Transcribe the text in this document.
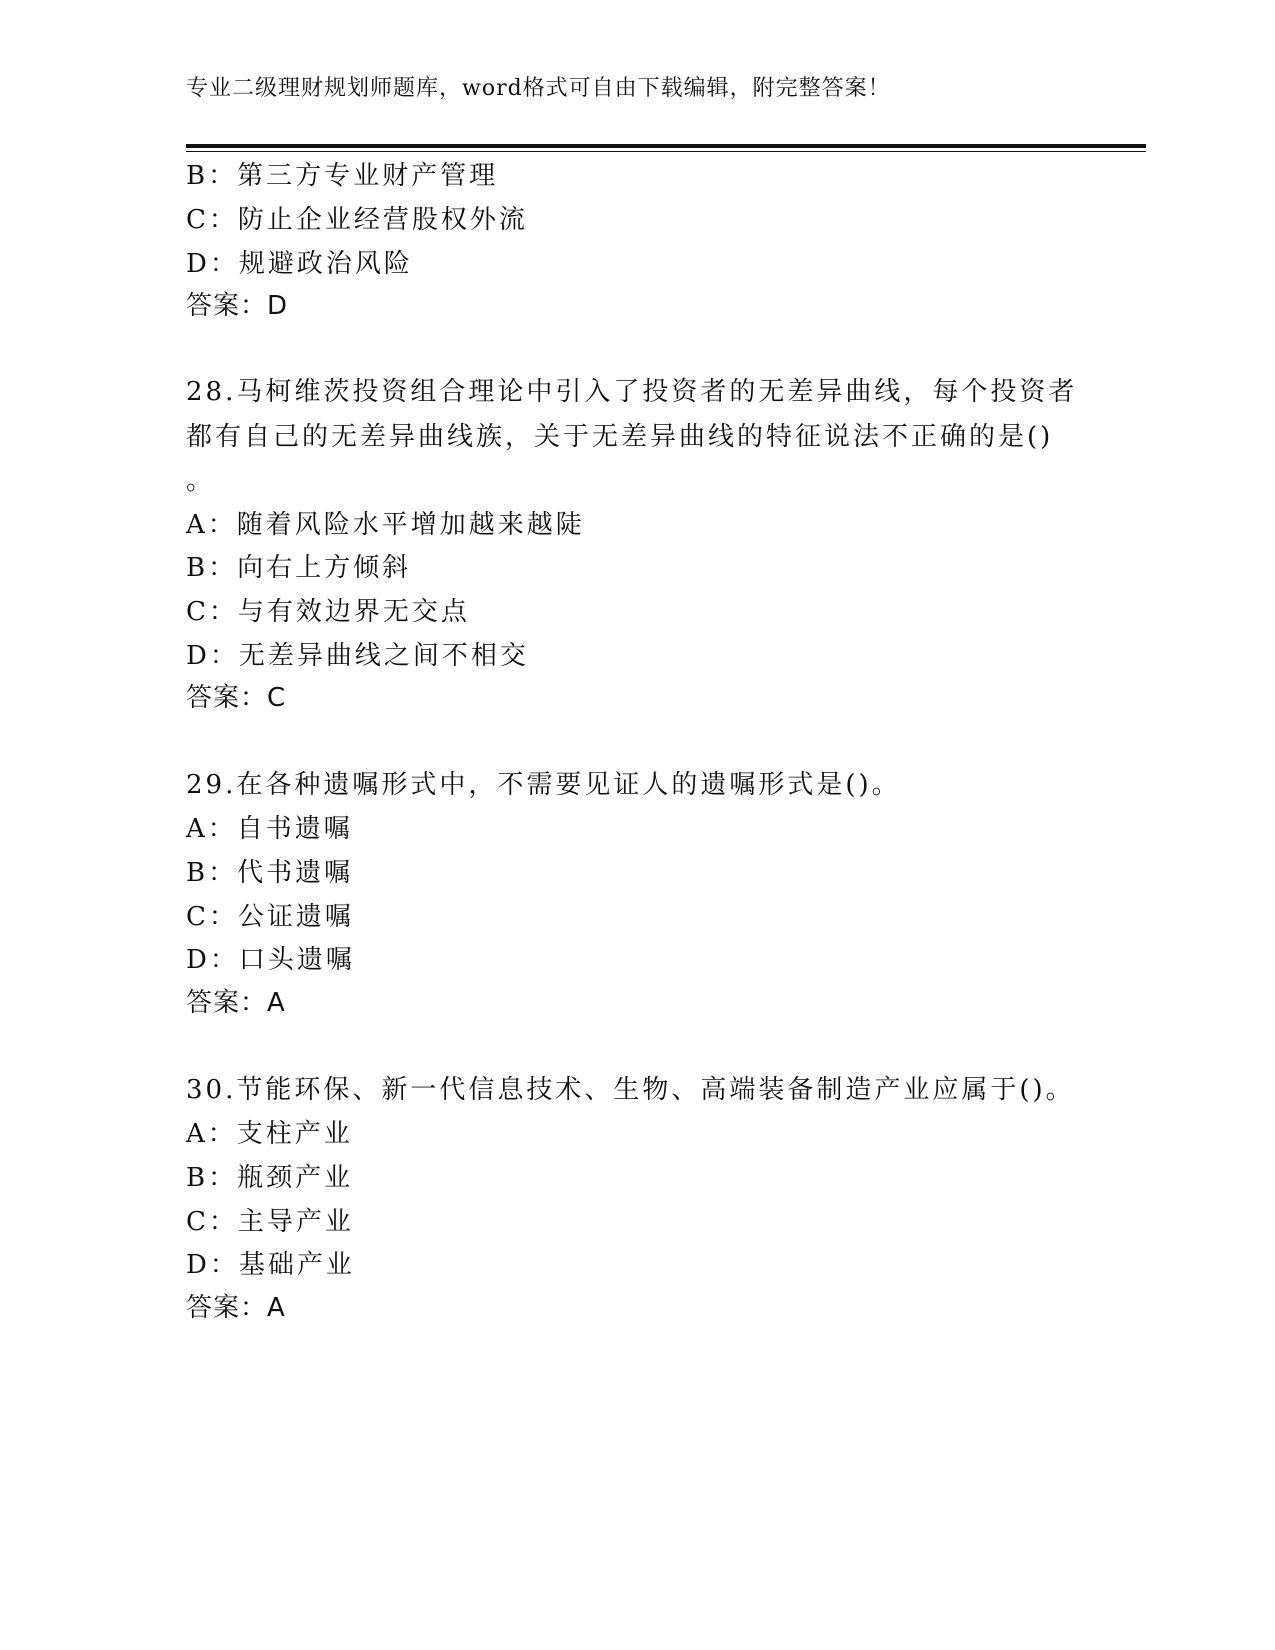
专业二级理财规划师题库，word格式可自由下载编辑，附完整答案！
B：第三方专业财产管理
C：防止企业经营股权外流
D：规避政治风险
答案：D
28.马柯维茨投资组合理论中引入了投资者的无差异曲线，每个投资者
都有自己的无差异曲线族，关于无差异曲线的特征说法不正确的是()
。
A：随着风险水平增加越来越陡
B：向右上方倾斜
C：与有效边界无交点
D：无差异曲线之间不相交
答案：C
29.在各种遗嘱形式中，不需要见证人的遗嘱形式是()。
A：自书遗嘱
B：代书遗嘱
C：公证遗嘱
D：口头遗嘱
答案：A
30.节能环保、新一代信息技术、生物、高端装备制造产业应属于()。
A：支柱产业
B：瓶颈产业
C：主导产业
D：基础产业
答案：A
